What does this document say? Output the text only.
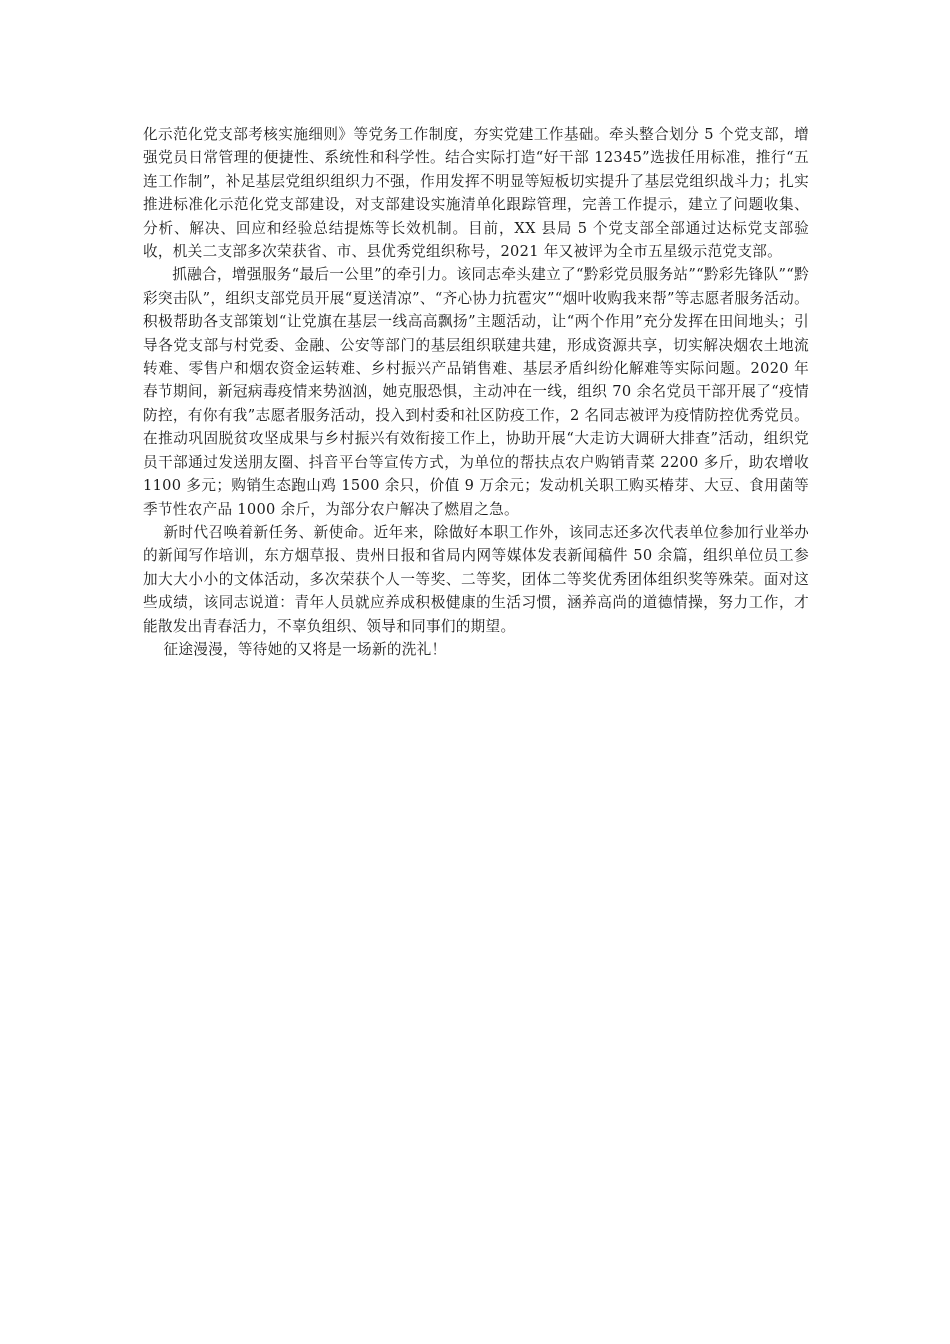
化示范化党支部考核实施细则》等党务工作制度，夯实党建工作基础。牵头整合划分 5 个党支部，增强党员日常管理的便捷性、系统性和科学性。结合实际打造“好干部 12345”选拔任用标准，推行“五连工作制”，补足基层党组织组织力不强，作用发挥不明显等短板切实提升了基层党组织战斗力；扎实推进标准化示范化党支部建设，对支部建设实施清单化跟踪管理，完善工作提示，建立了问题收集、分析、解决、回应和经验总结提炼等长效机制。目前，XX 县局 5 个党支部全部通过达标党支部验收，机关二支部多次荣获省、市、县优秀党组织称号，2021 年又被评为全市五星级示范党支部。

抓融合，增强服务“最后一公里”的牵引力。该同志牵头建立了“黔彩党员服务站”“黔彩先锋队”“黔彩突击队”，组织支部党员开展“夏送清凉”、“齐心协力抗雹灾”“烟叶收购我来帮”等志愿者服务活动。积极帮助各支部策划“让党旗在基层一线高高飘扬”主题活动，让“两个作用”充分发挥在田间地头；引导各党支部与村党委、金融、公安等部门的基层组织联建共建，形成资源共享，切实解决烟农土地流转难、零售户和烟农资金运转难、乡村振兴产品销售难、基层矛盾纠纷化解难等实际问题。2020 年春节期间，新冠病毒疫情来势汹汹，她克服恐惧，主动冲在一线，组织 70 余名党员干部开展了“疫情防控，有你有我”志愿者服务活动，投入到村委和社区防疫工作，2 名同志被评为疫情防控优秀党员。在推动巩固脱贫攻坚成果与乡村振兴有效衔接工作上，协助开展“大走访大调研大排查”活动，组织党员干部通过发送朋友圈、抖音平台等宣传方式，为单位的帮扶点农户购销青菜 2200 多斤，助农增收 1100 多元；购销生态跑山鸡 1500 余只，价值 9 万余元；发动机关职工购买椿芽、大豆、食用菌等季节性农产品 1000 余斤，为部分农户解决了燃眉之急。

新时代召唤着新任务、新使命。近年来，除做好本职工作外，该同志还多次代表单位参加行业举办的新闻写作培训，东方烟草报、贵州日报和省局内网等媒体发表新闻稿件 50 余篇，组织单位员工参加大大小小的文体活动，多次荣获个人一等奖、二等奖，团体二等奖优秀团体组织奖等殊荣。面对这些成绩，该同志说道：青年人员就应养成积极健康的生活习惯，涵养高尚的道德情操，努力工作，才能散发出青春活力，不辜负组织、领导和同事们的期望。

征途漫漫，等待她的又将是一场新的洗礼！
